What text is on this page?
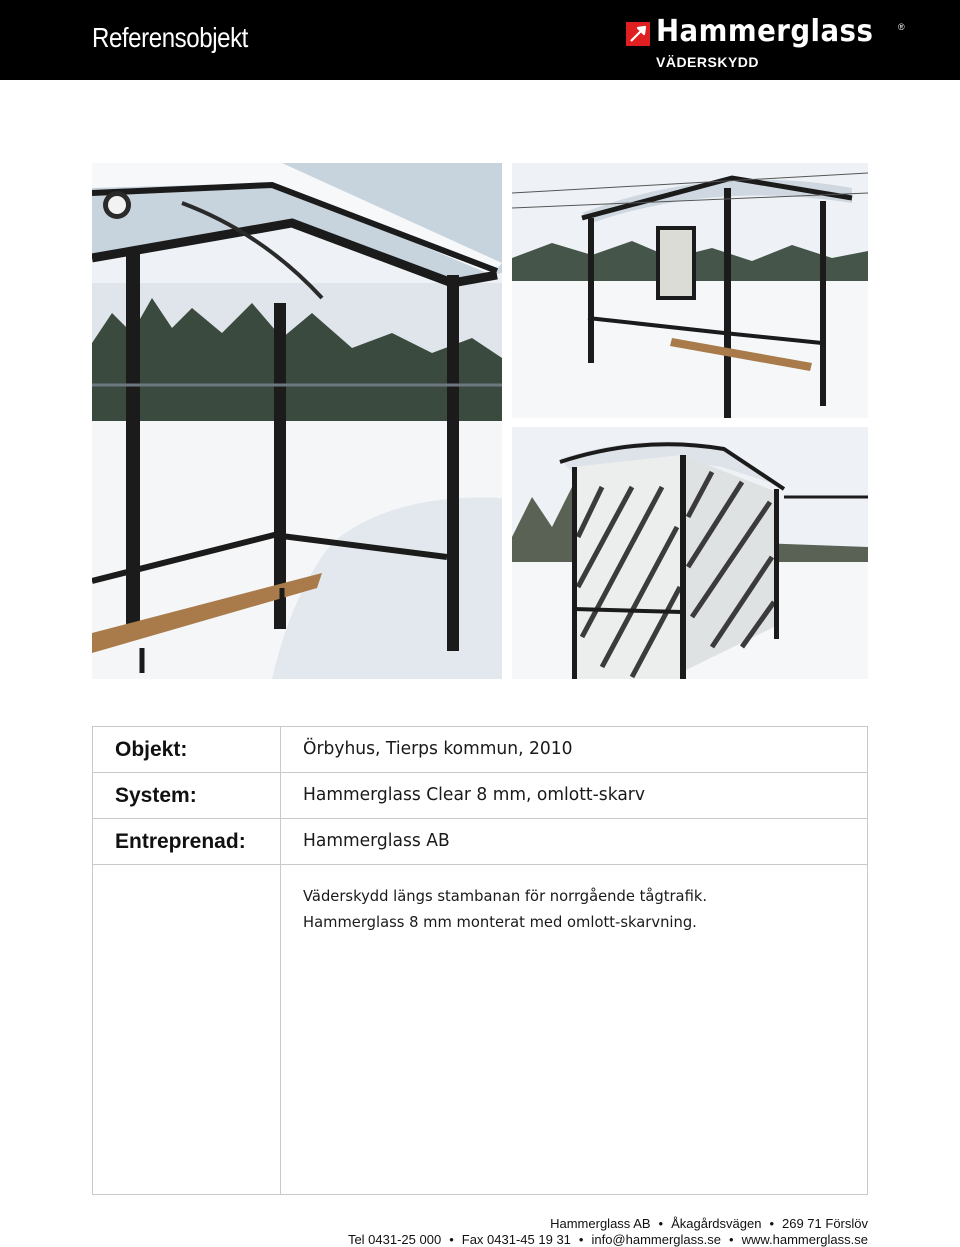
Referensobjekt	Hammerglass	®
VÄDERSKYDD
Objekt:	Örbyhus, Tierps kommun, 2010
System:	Hammerglass Clear 8 mm, omlott-skarv
Entreprenad:	Hammerglass AB
Väderskydd längs stambanan för norrgående tågtrafik.
Hammerglass 8 mm monterat med omlott-skarvning.
Hammerglass AB • Åkagårdsvägen • 269 71 Förslöv
Tel 0431-25 000 • Fax 0431-45 19 31 • info@hammerglass.se • www.hammerglass.se
